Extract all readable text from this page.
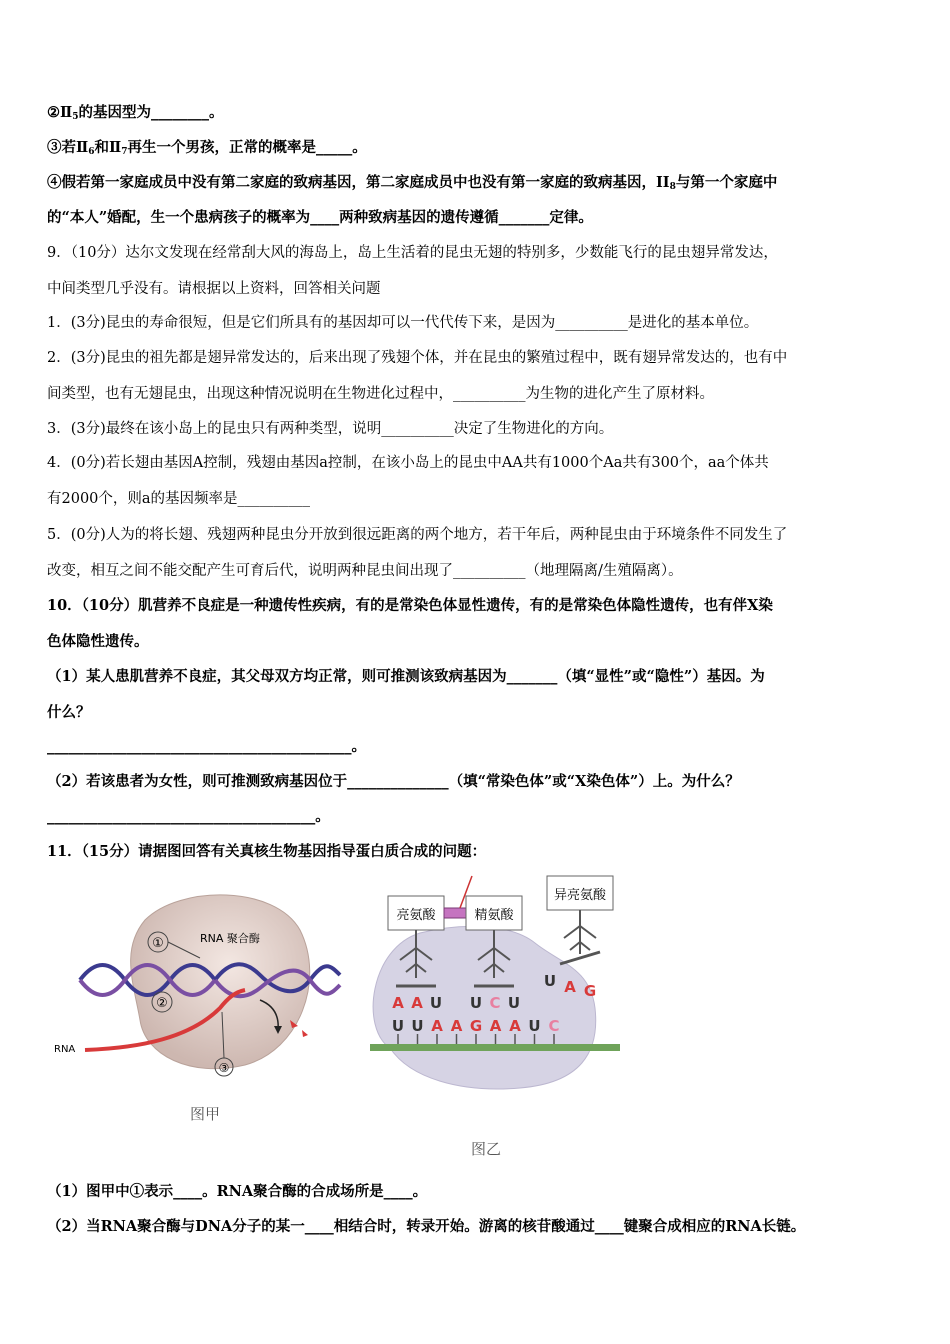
$②Ⅱ_5$的基因型为________。
③若$Ⅱ_6$和$Ⅱ_7$再生一个男孩，正常的概率是_____。
④假若第一家庭成员中没有第二家庭的致病基因，第二家庭成员中也没有第一家庭的致病基因，$II_8$与第一个家庭中
的“本人”婚配，生一个患病孩子的概率为____两种致病基因的遗传遵循_______定律。
9．（10分）达尔文发现在经常刮大风的海岛上，岛上生活着的昆虫无翅的特别多，少数能飞行的昆虫翅异常发达，
中间类型几乎没有。请根据以上资料，回答相关问题
1．(3分)昆虫的寿命很短，但是它们所具有的基因却可以一代代传下来，是因为__________是进化的基本单位。
2．(3分)昆虫的祖先都是翅异常发达的，后来出现了残翅个体，并在昆虫的繁殖过程中，既有翅异常发达的，也有中
间类型，也有无翅昆虫，出现这种情况说明在生物进化过程中，__________为生物的进化产生了原材料。
3．(3分)最终在该小岛上的昆虫只有两种类型，说明__________决定了生物进化的方向。
4．(0分)若长翅由基因A控制，残翅由基因a控制，在该小岛上的昆虫中AA共有1000个Aa共有300个，aa个体共
有2000个，则a的基因频率是__________
5．(0分)人为的将长翅、残翅两种昆虫分开放到很远距离的两个地方，若干年后，两种昆虫由于环境条件不同发生了
改变，相互之间不能交配产生可育后代，说明两种昆虫间出现了__________（地理隔离/生殖隔离）。
10．（10分）肌营养不良症是一种遗传性疾病，有的是常染色体显性遗传，有的是常染色体隐性遗传，也有伴X染
色体隐性遗传。
（1）某人患肌营养不良症，其父母双方均正常，则可推测该致病基因为_______（填“显性”或“隐性”）基因。为
什么？
__________________________________________。
（2）若该患者为女性，则可推测致病基因位于______________（填“常染色体”或“X染色体”）上。为什么？
_____________________________________。
11．（15分）请据图回答有关真核生物基因指导蛋白质合成的问题：
①
②
③
RNA 聚合酶
RNA
图甲
亮氨酸	精氨酸
异亮氨酸
A A U U C U
U A G
U U A A G A A U C
图乙
（1）图甲中①表示____。RNA聚合酶的合成场所是____。
（2）当RNA聚合酶与DNA分子的某一____相结合时，转录开始。游离的核苷酸通过____键聚合成相应的RNA长链。
